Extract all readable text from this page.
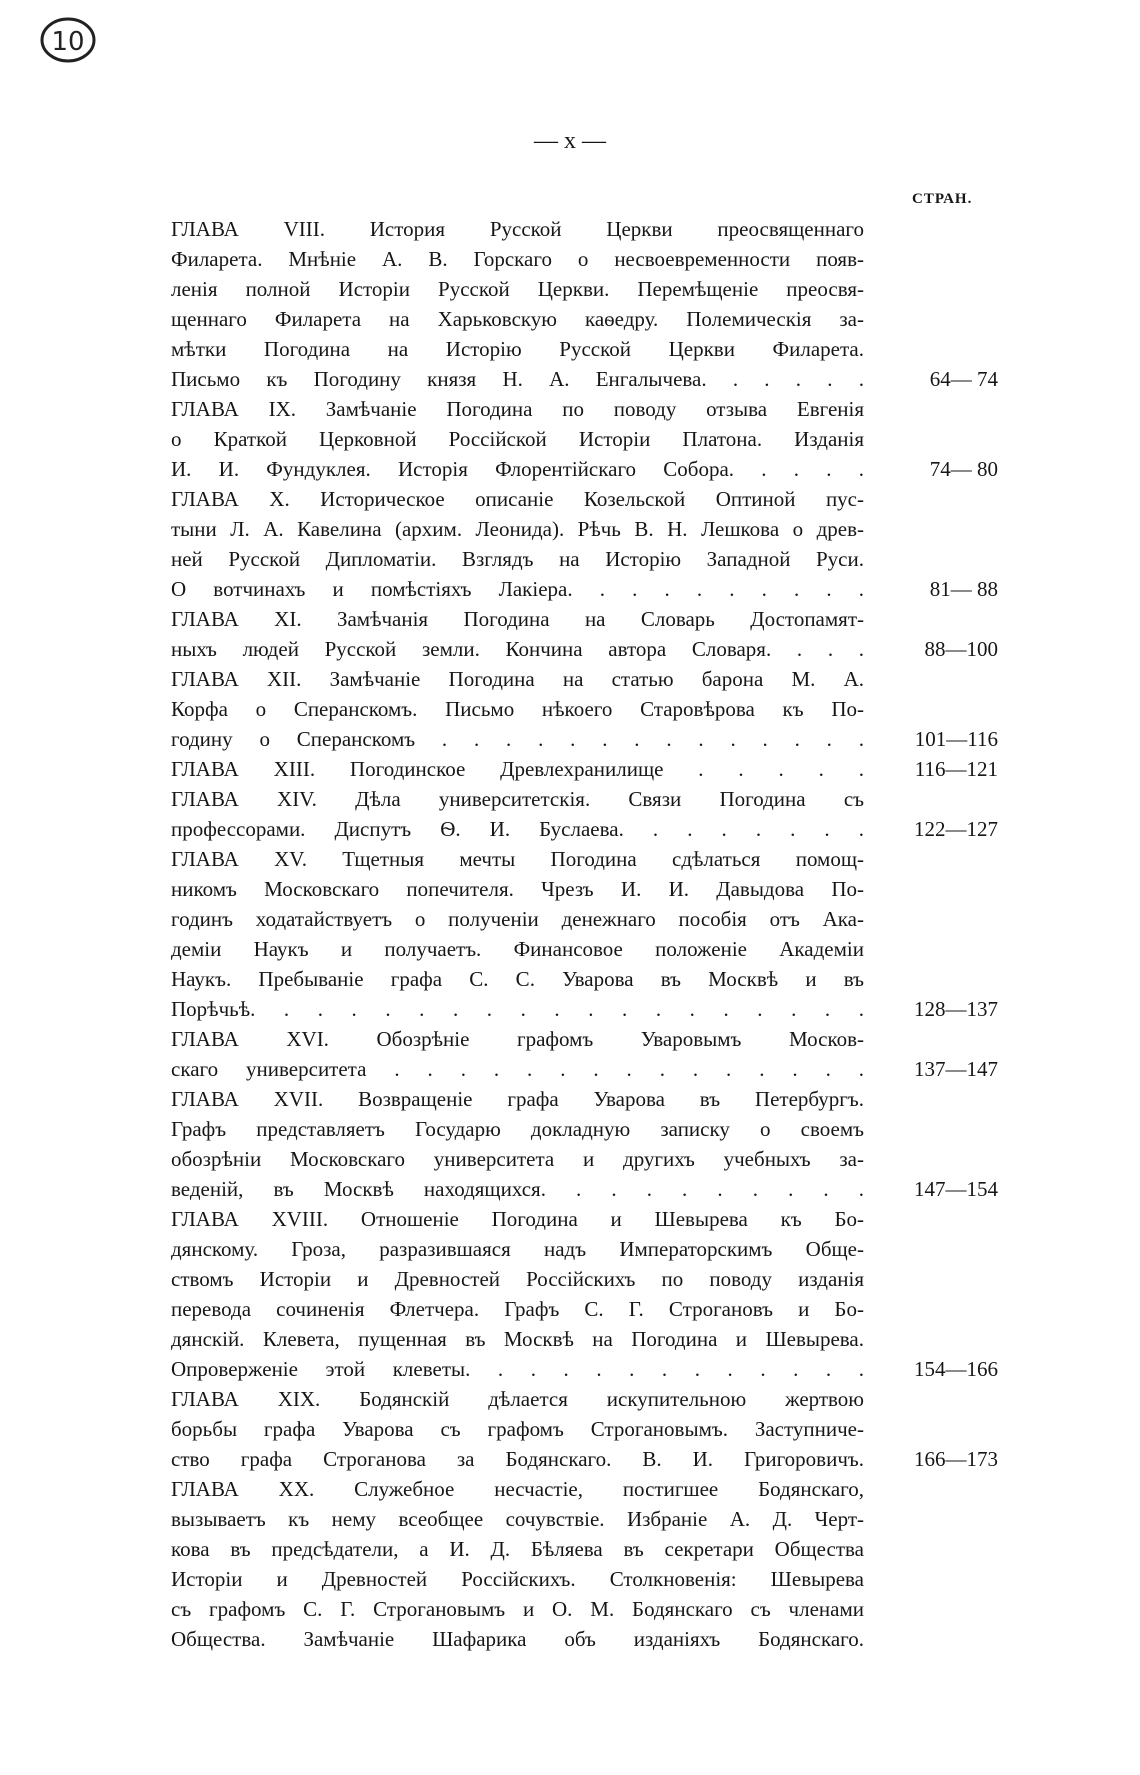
10
— x —
СТРАН.
ГЛАВА VIII. История Русской Церкви преосвященнаго
Филарета. Мнѣніе А. В. Горскаго о несвоевременности появ-
ленія полной Исторіи Русской Церкви. Перемѣщеніе преосвя-
щеннаго Филарета на Харьковскую каѳедру. Полемическія за-
мѣтки Погодина на Исторію Русской Церкви Филарета.
Письмо къ Погодину князя Н. А. Енгалычева. . . . . .	64— 74
ГЛАВА IX. Замѣчаніе Погодина по поводу отзыва Евгенія
о Краткой Церковной Россійской Исторіи Платона. Изданія
И. И. Фундуклея. Исторія Флорентійскаго Собора. . . . .	74— 80
ГЛАВА Х. Историческое описаніе Козельской Оптиной пус-
тыни Л. А. Кавелина (архим. Леонида). Рѣчь В. Н. Лешкова о древ-
ней Русской Дипломатіи. Взглядъ на Исторію Западной Руси.
О вотчинахъ и помѣстіяхъ Лакіера. . . . . . . . . .	81— 88
ГЛАВА XI. Замѣчанія Погодина на Словарь Достопамят-
ныхъ людей Русской земли. Кончина автора Словаря. . . .	88—100
ГЛАВА XII. Замѣчаніе Погодина на статью барона М. А.
Корфа о Сперанскомъ. Письмо нѣкоего Старовѣрова къ По-
годину о Сперанскомъ . . . . . . . . . . . . . .	101—116
ГЛАВА XIII. Погодинское Древлехранилище . . . . .	116—121
ГЛАВА XIV. Дѣла университетскія. Связи Погодина съ
профессорами. Диспутъ Ѳ. И. Буслаева. . . . . . . .	122—127
ГЛАВА XV. Тщетныя мечты Погодина сдѣлаться помощ-
никомъ Московскаго попечителя. Чрезъ И. И. Давыдова По-
годинъ ходатайствуетъ о полученіи денежнаго пособія отъ Ака-
деміи Наукъ и получаетъ. Финансовое положеніе Академіи
Наукъ. Пребываніе графа С. С. Уварова въ Москвѣ и въ
Порѣчьѣ. . . . . . . . . . . . . . . . . . .	128—137
ГЛАВА XVI. Обозрѣніе графомъ Уваровымъ Москов-
скаго университета . . . . . . . . . . . . . . .	137—147
ГЛАВА XVII. Возвращеніе графа Уварова въ Петербургъ.
Графъ представляетъ Государю докладную записку о своемъ
обозрѣніи Московскаго университета и другихъ учебныхъ за-
веденій, въ Москвѣ находящихся. . . . . . . . . .	147—154
ГЛАВА XVIII. Отношеніе Погодина и Шевырева къ Бо-
дянскому. Гроза, разразившаяся надъ Императорскимъ Обще-
ствомъ Исторіи и Древностей Россійскихъ по поводу изданія
перевода сочиненія Флетчера. Графъ С. Г. Строгановъ и Бо-
дянскій. Клевета, пущенная въ Москвѣ на Погодина и Шевырева.
Опроверженіе этой клеветы. . . . . . . . . . . . .	154—166
ГЛАВА XIX. Бодянскій дѣлается искупительною жертвою
борьбы графа Уварова съ графомъ Строгановымъ. Заступниче-
ство графа Строганова за Бодянскаго. В. И. Григоровичъ.	166—173
ГЛАВА XX. Служебное несчастіе, постигшее Бодянскаго,
вызываетъ къ нему всеобщее сочувствіе. Избраніе А. Д. Черт-
кова въ предсѣдатели, а И. Д. Бѣляева въ секретари Общества
Исторіи и Древностей Россійскихъ. Столкновенія: Шевырева
съ графомъ С. Г. Строгановымъ и О. М. Бодянскаго съ членами
Общества. Замѣчаніе Шафарика объ изданіяхъ Бодянскаго.
